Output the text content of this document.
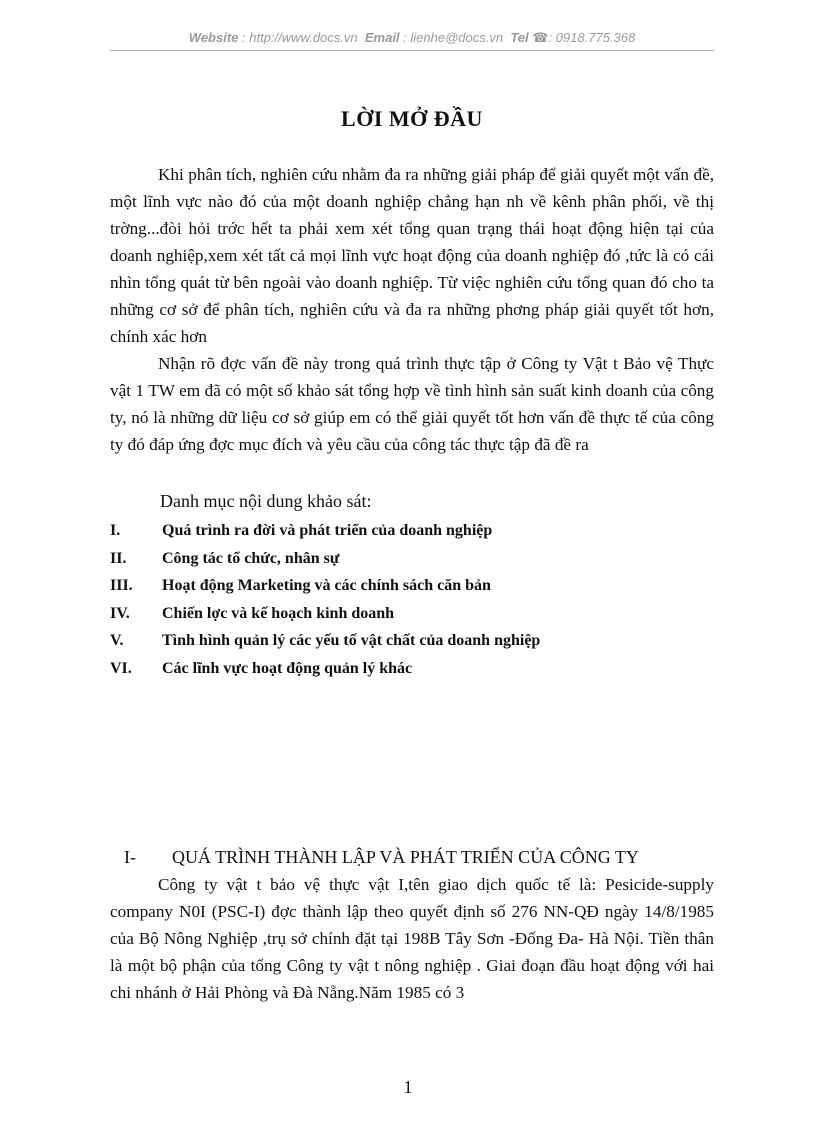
Website : http://www.docs.vn Email : lienhe@docs.vn Tel ☎: 0918.775.368
LỜI MỞ ĐẦU

Khi phân tích, nghiên cứu nhằm đa ra những giải pháp để giải quyết một vấn đề, một lĩnh vực nào đó của một doanh nghiệp chẳng hạn nh về kênh phân phối, về thị trờng...đòi hỏi trớc hết ta phải xem xét tổng quan trạng thái hoạt động hiện tại của doanh nghiệp,xem xét tất cả mọi lĩnh vực hoạt động của doanh nghiệp đó ,tức là có cái nhìn tổng quát từ bên ngoài vào doanh nghiệp. Từ việc nghiên cứu tổng quan đó cho ta những cơ sở để phân tích, nghiên cứu và đa ra những phơng pháp giải quyết tốt hơn, chính xác hơn

Nhận rõ đợc vấn đề này trong quá trình thực tập ở Công ty Vật t Bảo vệ Thực vật 1 TW em đã có một số khảo sát tổng hợp về tình hình sản suất kinh doanh của công ty, nó là những dữ liệu cơ sở giúp em có thể giải quyết tốt hơn vấn đề thực tế của công ty đó đáp ứng đợc mục đích và yêu cầu của công tác thực tập đã đề ra

Danh mục nội dung khảo sát:
I.	Quá trình ra đời và phát triển của doanh nghiệp
II.	Công tác tổ chức, nhân sự
III.	Hoạt động Marketing và các chính sách căn bản
IV.	Chiến lợc và kế hoạch kinh doanh
V.	Tình hình quản lý các yếu tố vật chất của doanh nghiệp
VI.	Các lĩnh vực hoạt động quản lý khác
I- QUÁ TRÌNH THÀNH LẬP VÀ PHÁT TRIỂN CỦA CÔNG TY

Công ty vật t bảo vệ thực vật I,tên giao dịch quốc tế là: Pesicide-supply company N0I (PSC-I) đợc thành lập theo quyết định số 276 NN-QĐ ngày 14/8/1985 của Bộ Nông Nghiệp ,trụ sở chính đặt tại 198B Tây Sơn -Đống Đa- Hà Nội. Tiền thân là một bộ phận của tổng Công ty vật t nông nghiệp . Giai đoạn đầu hoạt động với hai chi nhánh ở Hải Phòng và Đà Nẵng.Năm 1985 có 3

1
